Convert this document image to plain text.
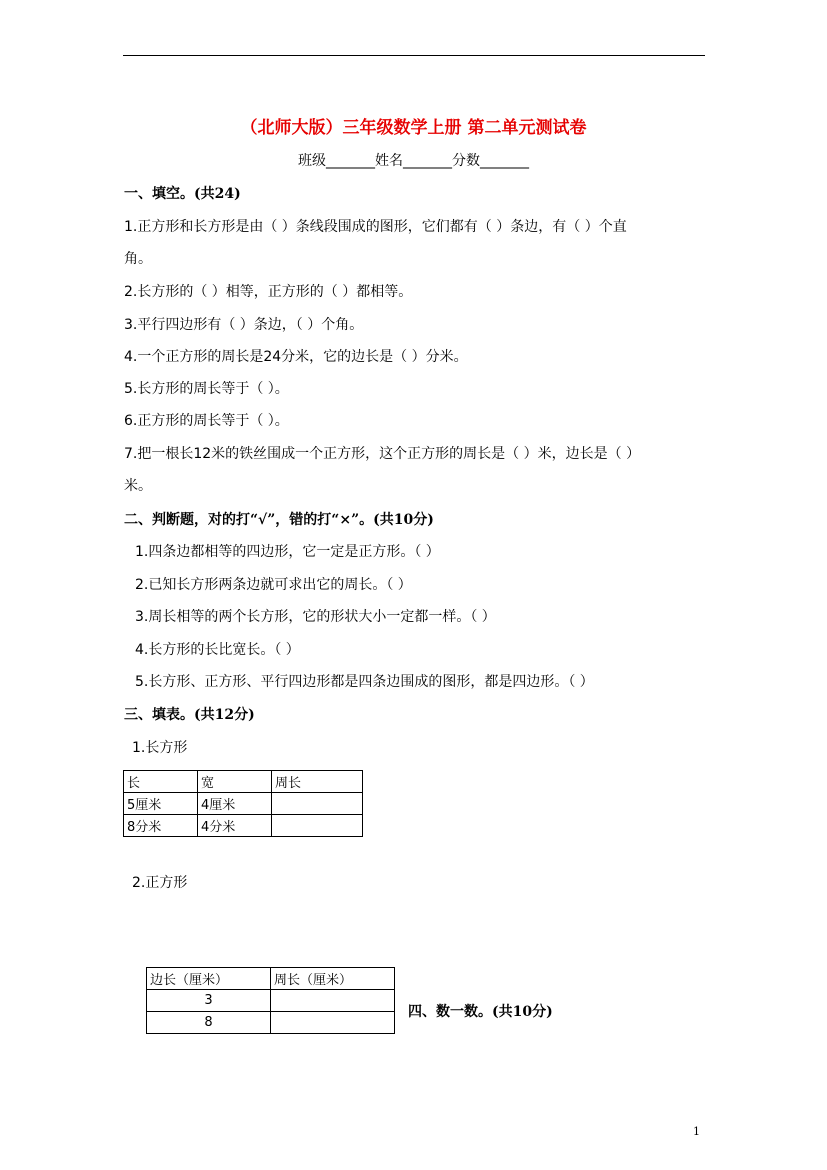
（北师大版）三年级数学上册 第二单元测试卷
班级_______姓名_______分数_______
一、填空。(共24)
1.正方形和长方形是由（ ）条线段围成的图形，它们都有（ ）条边，有（ ）个直
角。
2.长方形的（ ）相等，正方形的（ ）都相等。
3.平行四边形有（ ）条边，（ ）个角。
4.一个正方形的周长是24分米，它的边长是（ ）分米。
5.长方形的周长等于（ ）。
6.正方形的周长等于（ ）。
7.把一根长12米的铁丝围成一个正方形，这个正方形的周长是（ ）米，边长是（ ）
米。
二、判断题，对的打“√”，错的打“×”。(共10分)
1.四条边都相等的四边形，它一定是正方形。（ ）
2.已知长方形两条边就可求出它的周长。（ ）
3.周长相等的两个长方形，它的形状大小一定都一样。（ ）
4.长方形的长比宽长。（ ）
5.长方形、正方形、平行四边形都是四条边围成的图形，都是四边形。（ ）
三、填表。(共12分)
1.长方形
长	宽	周长
5厘米	4厘米	
8分米	4分米	
2.正方形
边长（厘米）	周长（厘米）
3	
8	
四、数一数。(共10分)
1
